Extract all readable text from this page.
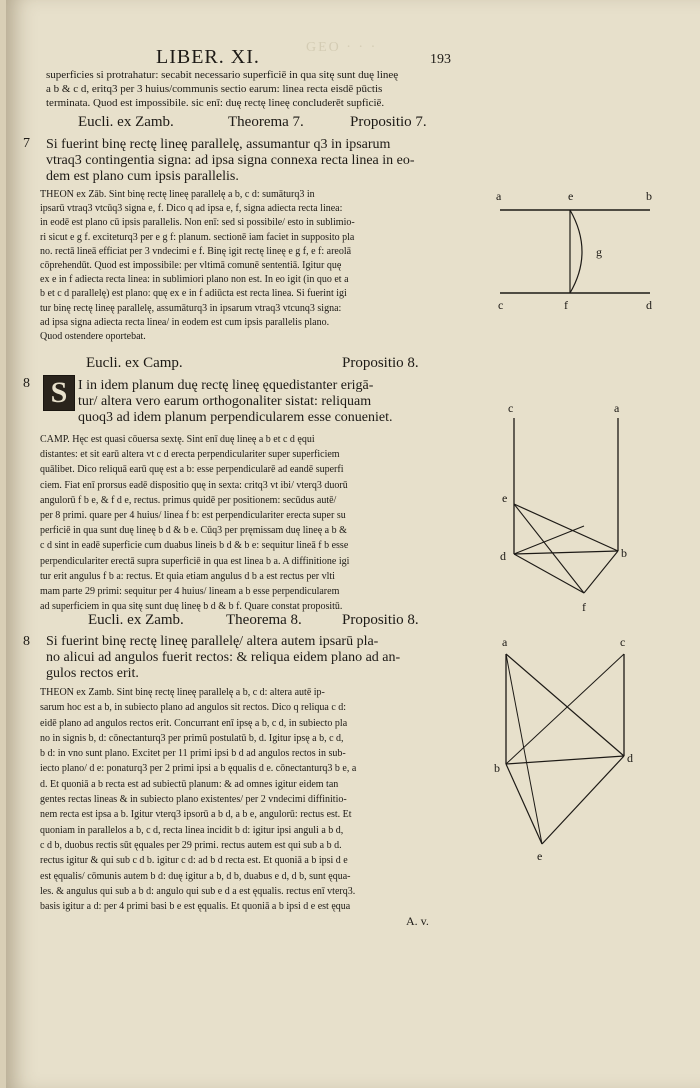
GEO · · ·
LIBER. XI.	193
superficies si protrahatur: secabit necessario superficiē in qua sitę sunt duę lineę
a b & c d, eritq3 per 3 huius/communis sectio earum: linea recta eisdē pūctis
terminata. Quod est impossibile. sic enī: duę rectę lineę concluderēt supficiē.
Eucli. ex Zamb.	Theorema 7.	Propositio 7.
7 Si fuerint binę rectę lineę parallelę, assumantur q3 in ipsarum
vtraq3 contingentia signa: ad ipsa signa connexa recta linea in eo-
dem est plano cum ipsis parallelis.
THEON ex Zāb. Sint binę rectę lineę parallelę a b, c d: sumāturq3 in
ipsarū vtraq3 vtcūq3 signa e, f. Dico q ad ipsa e, f, signa adiecta recta linea:
in eodē est plano cū ipsis parallelis. Non enī: sed si possibile/ esto in sublimio-
ri sicut e g f. exciteturq3 per e g f: planum. sectionē iam faciet in supposito pla
no. rectā lineā efficiat per 3 vndecimi e f. Binę igit rectę lineę e g f, e f: areolā
cōprehendūt. Quod est impossibile: per vltimā comunē sententiā. Igitur quę
ex e in f adiecta recta linea: in sublimiori plano non est. In eo igit (in quo et a
b et c d parallelę) est plano: quę ex e in f adiūcta est recta linea. Si fuerint igi
tur binę rectę lineę parallelę, assumāturq3 in ipsarum vtraq3 vtcunq3 signa:
ad ipsa signa adiecta recta linea/ in eodem est cum ipsis parallelis plano.
Quod ostendere oportebat.
Eucli. ex Camp.	Propositio 8.
8 S I in idem planum duę rectę lineę ęquedistanter erigā-
tur/ altera vero earum orthogonaliter sistat: reliquam
quoq3 ad idem planum perpendicularem esse conueniet.
CAMP. Hęc est quasi cōuersa sextę. Sint enī duę lineę a b et c d ęqui
distantes: et sit earū altera vt c d erecta perpendiculariter super superficiem
quālibet. Dico reliquā earū quę est a b: esse perpendicularē ad eandē superfi
ciem. Fiat enī prorsus eadē dispositio quę in sexta: critq3 vt ibi/ vterq3 duorū
angulorū f b e, & f d e, rectus. primus quidē per positionem: secūdus autē/
per 8 primi. quare per 4 huius/ linea f b: est perpendiculariter erecta super su
perficiē in qua sunt duę lineę b d & b e. Cūq3 per pręmissam duę lineę a b &
c d sint in eadē superficie cum duabus lineis b d & b e: sequitur lineā f b esse
perpendiculariter erectā supra superficiē in qua est linea b a. A diffinitione igi
tur erit angulus f b a: rectus. Et quia etiam angulus d b a est rectus per vlti
mam parte 29 primi: sequitur per 4 huius/ lineam a b esse perpendicularem
ad superficiem in qua sitę sunt duę lineę b d & b f. Quare constat propositū.
Eucli. ex Zamb.	Theorema 8.	Propositio 8.
8 Si fuerint binę rectę lineę parallelę/ altera autem ipsarū pla-
no alicui ad angulos fuerit rectos: & reliqua eidem plano ad an-
gulos rectos erit.
THEON ex Zamb. Sint binę rectę lineę parallelę a b, c d: altera autē ip-
sarum hoc est a b, in subiecto plano ad angulos sit rectos. Dico q reliqua c d:
eidē plano ad angulos rectos erit. Concurrant enī ipsę a b, c d, in subiecto pla
no in signis b, d: cōnectanturq3 per primū postulatū b, d. Igitur ipsę a b, c d,
b d: in vno sunt plano. Excitet per 11 primi ipsi b d ad angulos rectos in sub-
iecto plano/ d e: ponaturq3 per 2 primi ipsi a b ęqualis d e. cōnectanturq3 b e, a
d. Et quoniā a b recta est ad subiectū planum: & ad omnes igitur eidem tan
gentes rectas lineas & in subiecto plano existentes/ per 2 vndecimi diffinitio-
nem recta est ipsa a b. Igitur vterq3 ipsorū a b d, a b e, angulorū: rectus est. Et
quoniam in parallelos a b, c d, recta linea incidit b d: igitur ipsi anguli a b d,
c d b, duobus rectis sūt ęquales per 29 primi. rectus autem est qui sub a b d.
rectus igitur & qui sub c d b. igitur c d: ad b d recta est. Et quoniā a b ipsi d e
est ęqualis/ cōmunis autem b d: duę igitur a b, d b, duabus e d, d b, sunt ęqua-
les. & angulus qui sub a b d: angulo qui sub e d a est ęqualis. rectus enī vterq3.
basis igitur a d: per 4 primi basi b e est ęqualis. Et quoniā a b ipsi d e est ęqua
A. v.
a	e	b
g
c	f	d
c	a
e
d	b
f
a	c
b
d
e
